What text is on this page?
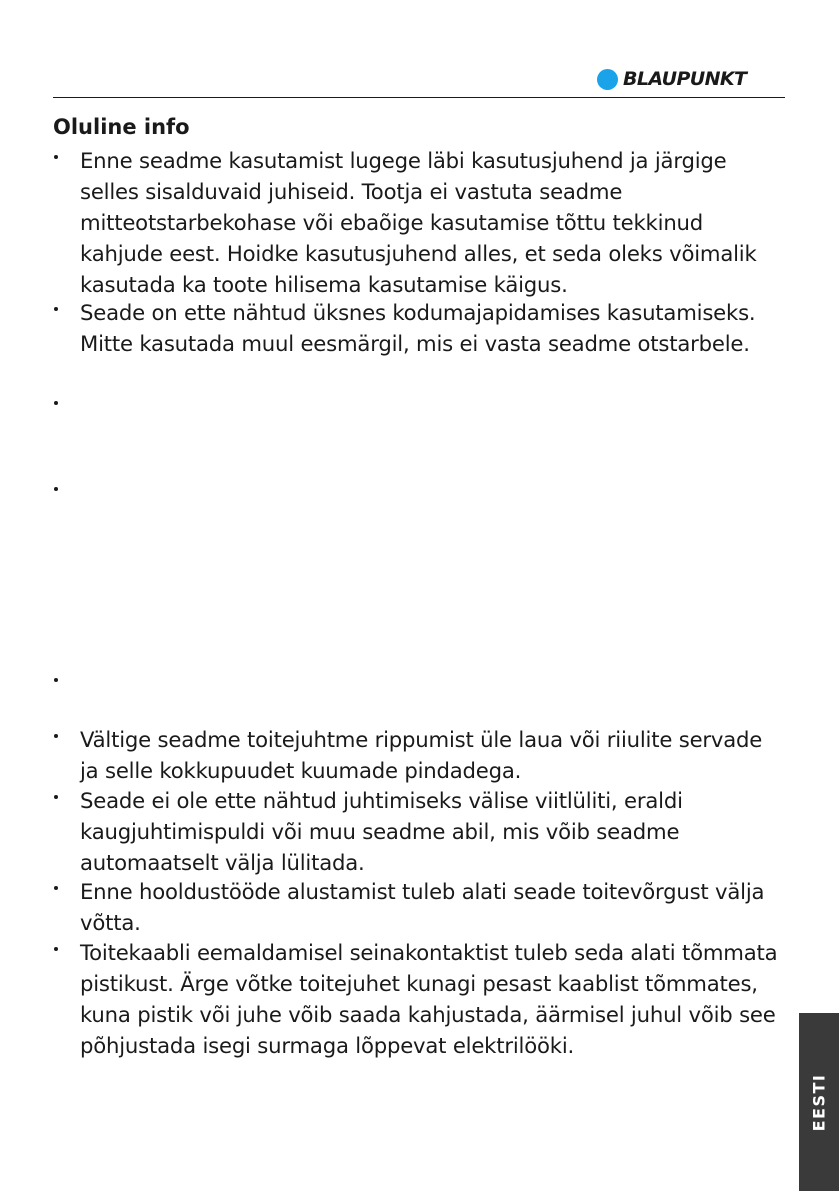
BLAUPUNKT
Oluline info

Enne seadme kasutamist lugege läbi kasutusjuhend ja järgige selles sisalduvaid juhiseid. Tootja ei vastuta seadme mitteotstarbekohase või ebaõige kasutamise tõttu tekkinud kahjude eest. Hoidke kasutusjuhend alles, et seda oleks võimalik kasutada ka toote hilisema kasutamise käigus.

Seade on ette nähtud üksnes kodumajapidamises kasutamiseks. Mitte kasutada muul eesmärgil, mis ei vasta seadme otstarbele.

Vältige seadme toitejuhtme rippumist üle laua või riiulite servade ja selle kokkupuudet kuumade pindadega.

Seade ei ole ette nähtud juhtimiseks välise viitlüliti, eraldi kaugjuhtimispuldi või muu seadme abil, mis võib seadme automaatselt välja lülitada.

Enne hooldustööde alustamist tuleb alati seade toitevõrgust välja võtta.

Toitekaabli eemaldamisel seinakontaktist tuleb seda alati tõmmata pistikust. Ärge võtke toitejuhet kunagi pesast kaablist tõmmates, kuna pistik või juhe võib saada kahjustada, äärmisel juhul võib see põhjustada isegi surmaga lõppevat elektrilööki.

EESTI
